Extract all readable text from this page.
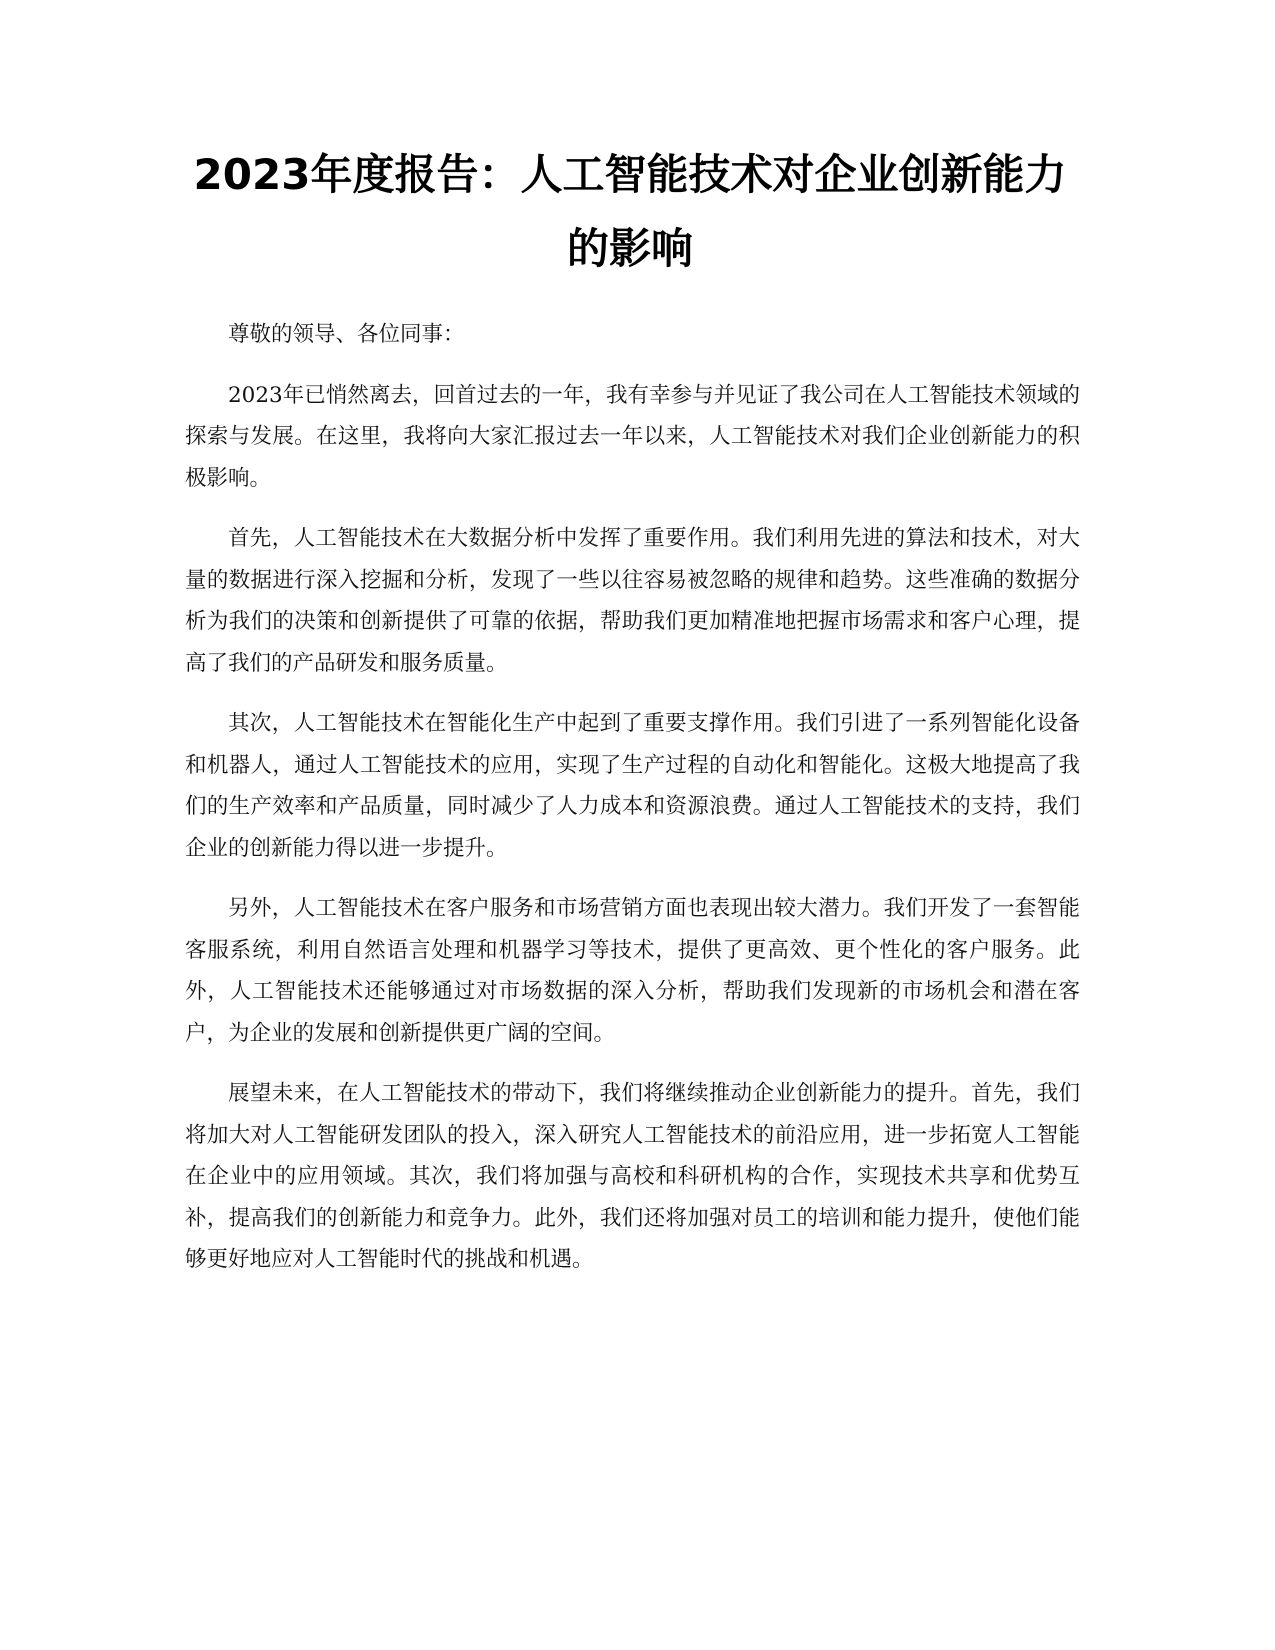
2023年度报告：人工智能技术对企业创新能力的影响

尊敬的领导、各位同事：

2023年已悄然离去，回首过去的一年，我有幸参与并见证了我公司在人工智能技术领域的探索与发展。在这里，我将向大家汇报过去一年以来，人工智能技术对我们企业创新能力的积极影响。

首先，人工智能技术在大数据分析中发挥了重要作用。我们利用先进的算法和技术，对大量的数据进行深入挖掘和分析，发现了一些以往容易被忽略的规律和趋势。这些准确的数据分析为我们的决策和创新提供了可靠的依据，帮助我们更加精准地把握市场需求和客户心理，提高了我们的产品研发和服务质量。

其次，人工智能技术在智能化生产中起到了重要支撑作用。我们引进了一系列智能化设备和机器人，通过人工智能技术的应用，实现了生产过程的自动化和智能化。这极大地提高了我们的生产效率和产品质量，同时减少了人力成本和资源浪费。通过人工智能技术的支持，我们企业的创新能力得以进一步提升。

另外，人工智能技术在客户服务和市场营销方面也表现出较大潜力。我们开发了一套智能客服系统，利用自然语言处理和机器学习等技术，提供了更高效、更个性化的客户服务。此外，人工智能技术还能够通过对市场数据的深入分析，帮助我们发现新的市场机会和潜在客户，为企业的发展和创新提供更广阔的空间。

展望未来，在人工智能技术的带动下，我们将继续推动企业创新能力的提升。首先，我们将加大对人工智能研发团队的投入，深入研究人工智能技术的前沿应用，进一步拓宽人工智能在企业中的应用领域。其次，我们将加强与高校和科研机构的合作，实现技术共享和优势互补，提高我们的创新能力和竞争力。此外，我们还将加强对员工的培训和能力提升，使他们能够更好地应对人工智能时代的挑战和机遇。
